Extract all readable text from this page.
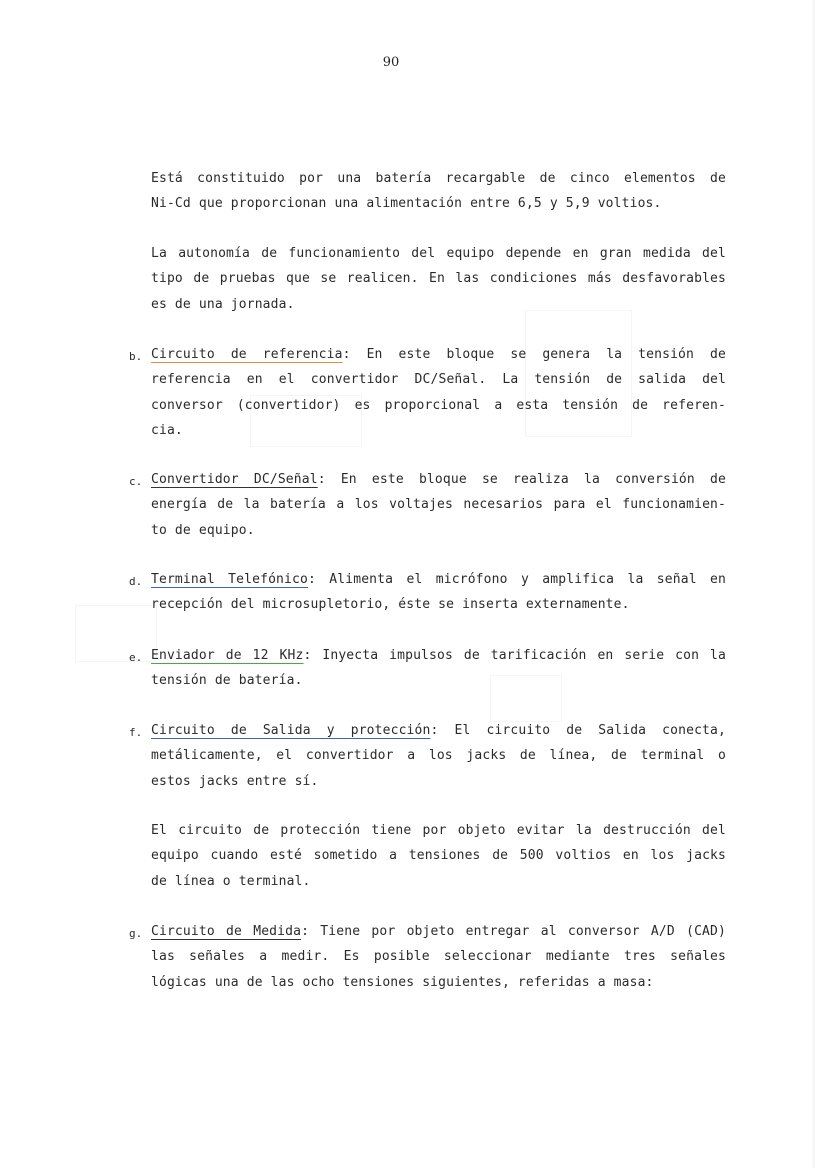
90
Está constituido por una batería recargable de cinco elementos de
Ni-Cd que proporcionan una alimentación entre 6,5 y 5,9 voltios.
La autonomía de funcionamiento del equipo depende en gran medida del
tipo de pruebas que se realicen. En las condiciones más desfavorables
es de una jornada.
b. Circuito de referencia: En este bloque se genera la tensión de
referencia en el convertidor DC/Señal. La tensión de salida del
conversor (convertidor) es proporcional a esta tensión de referen-
cia.
c. Convertidor DC/Señal: En este bloque se realiza la conversión de
energía de la batería a los voltajes necesarios para el funcionamien-
to de equipo.
d. Terminal Telefónico: Alimenta el micrófono y amplifica la señal en
recepción del microsupletorio, éste se inserta externamente.
e. Enviador de 12 KHz: Inyecta impulsos de tarificación en serie con la
tensión de batería.
f. Circuito de Salida y protección: El circuito de Salida conecta,
metálicamente, el convertidor a los jacks de línea, de terminal o
estos jacks entre sí.
El circuito de protección tiene por objeto evitar la destrucción del
equipo cuando esté sometido a tensiones de 500 voltios en los jacks
de línea o terminal.
g. Circuito de Medida: Tiene por objeto entregar al conversor A/D (CAD)
las señales a medir. Es posible seleccionar mediante tres señales
lógicas una de las ocho tensiones siguientes, referidas a masa:
